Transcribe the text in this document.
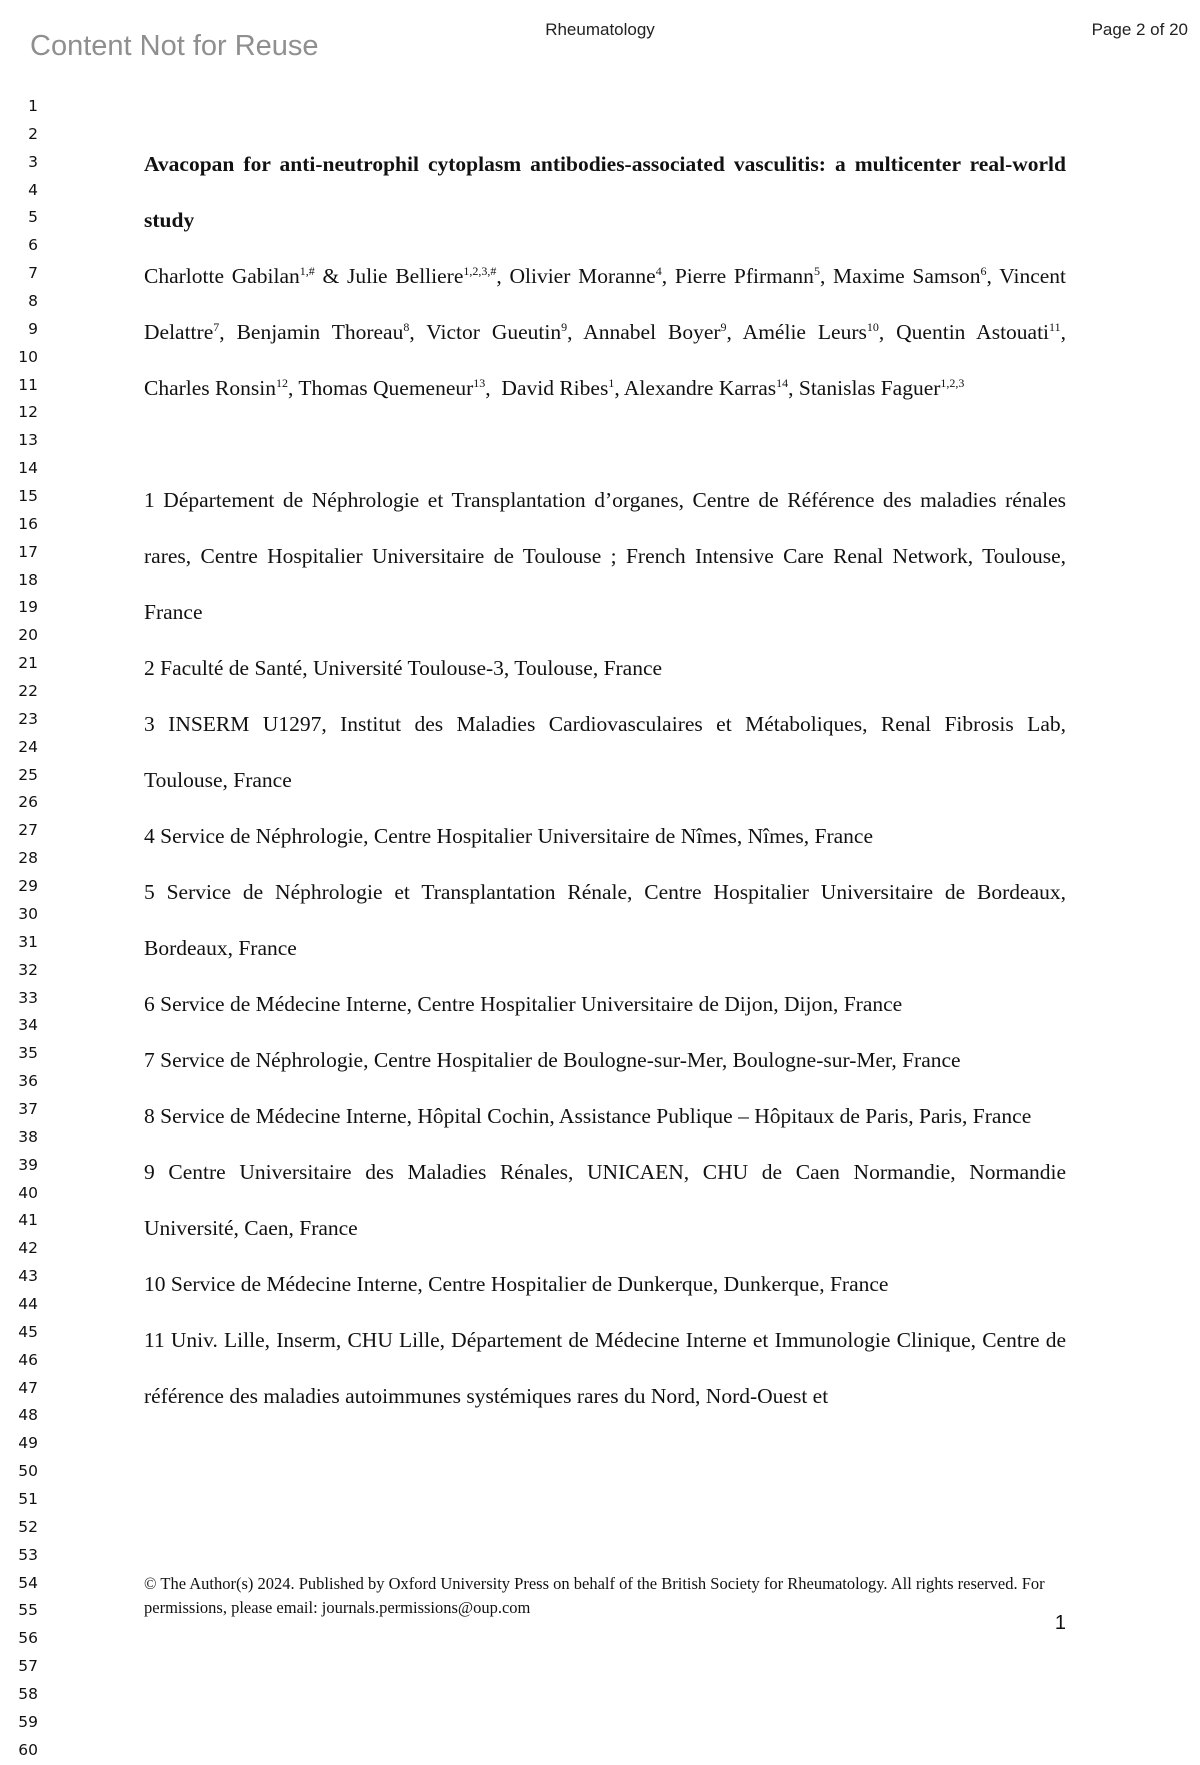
Rheumatology	Page 2 of 20
Content Not for Reuse
1
2
3
4
5
6
7
8
9
10
11
12
13
14
15
16
17
18
19
20
21
22
23
24
25
26
27
28
29
30
31
32
33
34
35
36
37
38
39
40
41
42
43
44
45
46
47
48
49
50
51
52
53
54
55
56
57
58
59
60

Avacopan for anti-neutrophil cytoplasm antibodies-associated vasculitis: a multicenter real-world study

Charlotte Gabilan$^{1,\#}$ & Julie Belliere$^{1,2,3,\#}$, Olivier Moranne$^4$, Pierre Pfirmann$^5$, Maxime Samson$^6$, Vincent Delattre$^7$, Benjamin Thoreau$^8$, Victor Gueutin$^9$, Annabel Boyer$^9$, Amélie Leurs$^{10}$, Quentin Astouati$^{11}$, Charles Ronsin$^{12}$, Thomas Quemeneur$^{13}$,  David Ribes$^1$, Alexandre Karras$^{14}$, Stanislas Faguer$^{1,2,3}$

1 Département de Néphrologie et Transplantation d’organes, Centre de Référence des maladies rénales rares, Centre Hospitalier Universitaire de Toulouse ; French Intensive Care Renal Network, Toulouse, France

2 Faculté de Santé, Université Toulouse-3, Toulouse, France

3 INSERM U1297, Institut des Maladies Cardiovasculaires et Métaboliques, Renal Fibrosis Lab, Toulouse, France

4 Service de Néphrologie, Centre Hospitalier Universitaire de Nîmes, Nîmes, France

5 Service de Néphrologie et Transplantation Rénale, Centre Hospitalier Universitaire de Bordeaux, Bordeaux, France

6 Service de Médecine Interne, Centre Hospitalier Universitaire de Dijon, Dijon, France

7 Service de Néphrologie, Centre Hospitalier de Boulogne-sur-Mer, Boulogne-sur-Mer, France

8 Service de Médecine Interne, Hôpital Cochin, Assistance Publique – Hôpitaux de Paris, Paris, France

9 Centre Universitaire des Maladies Rénales, UNICAEN, CHU de Caen Normandie, Normandie Université, Caen, France

10 Service de Médecine Interne, Centre Hospitalier de Dunkerque, Dunkerque, France

11 Univ. Lille, Inserm, CHU Lille, Département de Médecine Interne et Immunologie Clinique, Centre de référence des maladies autoimmunes systémiques rares du Nord, Nord-Ouest et

© The Author(s) 2024. Published by Oxford University Press on behalf of the British Society for Rheumatology. All rights reserved. For permissions, please email: journals.permissions@oup.com
1
